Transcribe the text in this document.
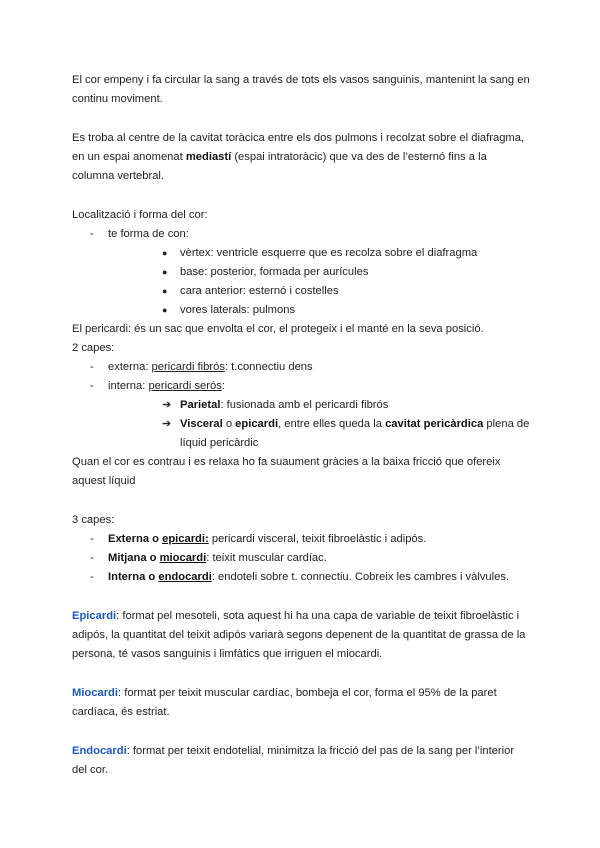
El cor empeny i fa circular la sang a través de tots els vasos sanguinis, mantenint la sang en
continu moviment.
Es troba al centre de la cavitat toràcica entre els dos pulmons i recolzat sobre el diafragma,
en un espai anomenat mediastí (espai intratoràcic) que va des de l’esternó fins a la
columna vertebral.
Localització i forma del cor:
- te forma de con:
● vèrtex: ventricle esquerre que es recolza sobre el diafragma
● base: posterior, formada per aurícules
● cara anterior: esternó i costelles
● vores laterals: pulmons
El pericardi: és un sac que envolta el cor, el protegeix i el manté en la seva posició.
2 capes:
- externa: pericardi fibrós: t.connectiu dens
- interna: pericardi serós:
➔ Parietal: fusionada amb el pericardi fibrós
➔ Visceral o epicardi, entre elles queda la cavitat pericàrdica plena de
líquid pericàrdic
Quan el cor es contrau i es relaxa ho fa suaument gràcies a la baixa fricció que ofereix
aquest líquid
3 capes:
- Externa o epicardi: pericardi visceral, teixit fibroelàstic i adipós.
- Mitjana o miocardi: teixit muscular cardíac.
- Interna o endocardi: endoteli sobre t. connectiu. Cobreix les cambres i vàlvules.
Epicardi: format pel mesoteli, sota aquest hi ha una capa de variable de teixit fibroelàstic i
adipós, la quantitat del teixit adipós variarà segons depenent de la quantitat de grassa de la
persona, té vasos sanguinis i limfàtics que irriguen el miocardi.
Miocardi: format per teixit muscular cardíac, bombeja el cor, forma el 95% de la paret
cardíaca, és estriat.
Endocardi: format per teixit endotelial, minimitza la fricció del pas de la sang per l’interior
del cor.
